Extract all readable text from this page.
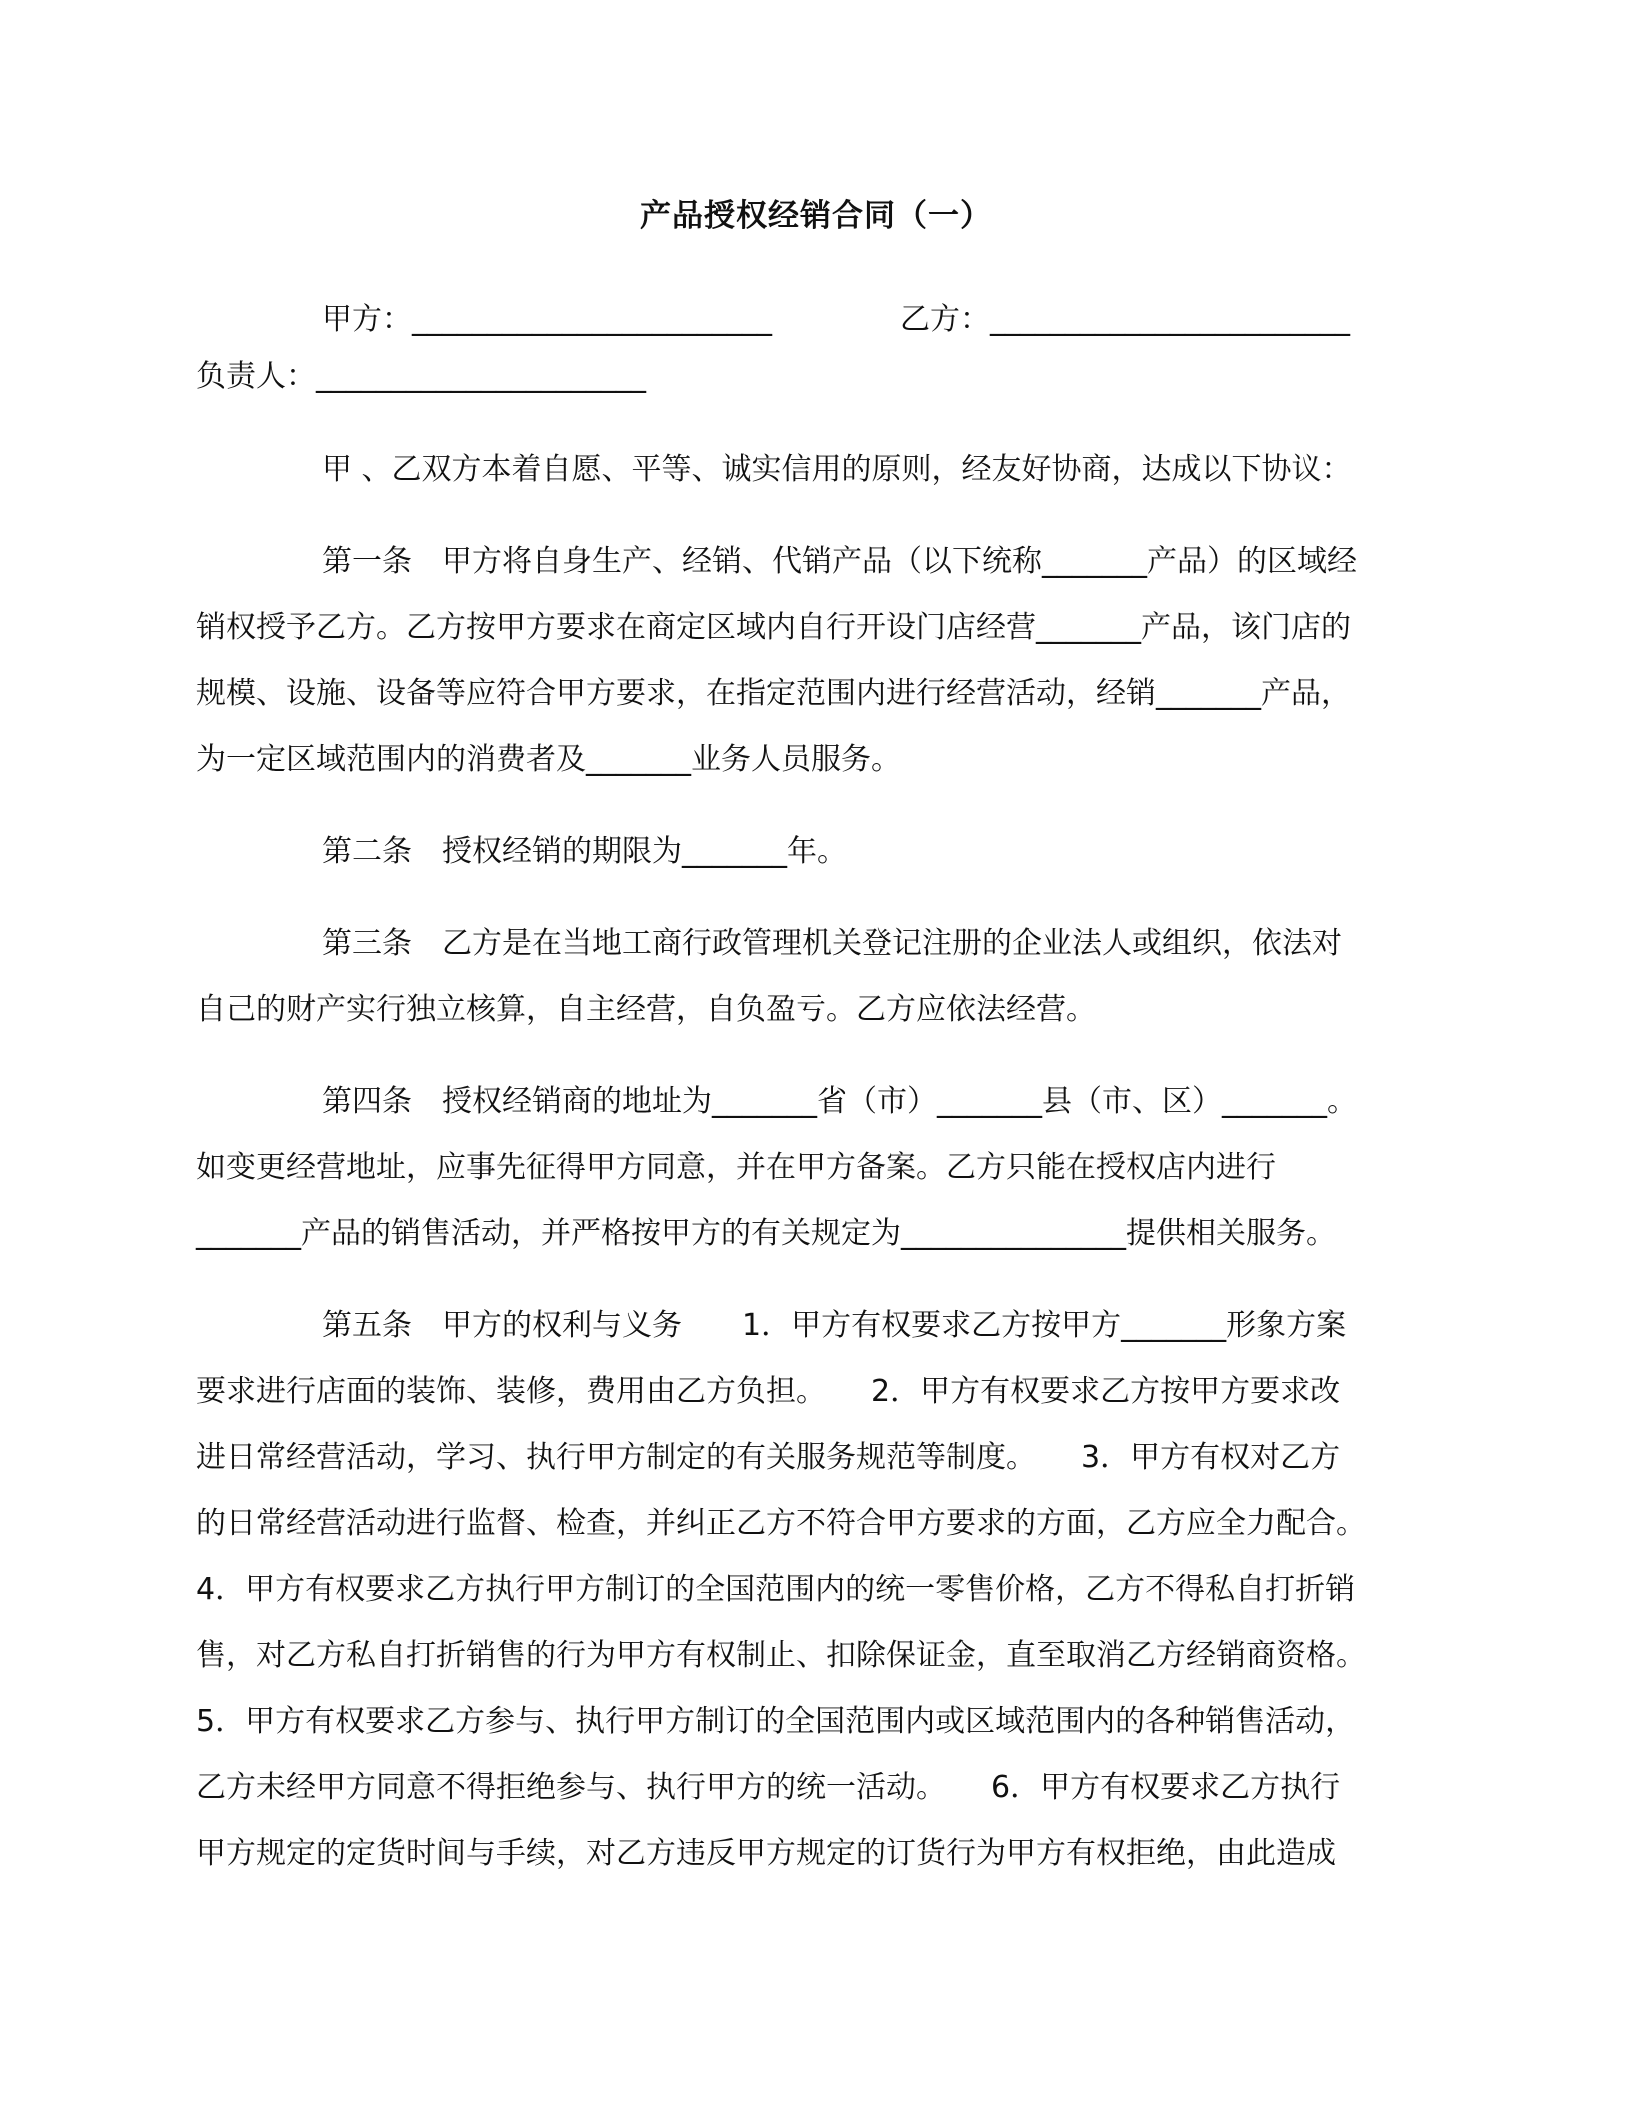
产品授权经销合同（一）
甲方：________________________	乙方：________________________
负责人：______________________
甲 、乙双方本着自愿、平等、诚实信用的原则，经友好协商，达成以下协议：
第一条　甲方将自身生产、经销、代销产品（以下统称_______产品）的区域经
销权授予乙方。乙方按甲方要求在商定区域内自行开设门店经营_______产品，该门店的
规模、设施、设备等应符合甲方要求，在指定范围内进行经营活动，经销_______产品，
为一定区域范围内的消费者及_______业务人员服务。
第二条　授权经销的期限为_______年。
第三条　乙方是在当地工商行政管理机关登记注册的企业法人或组织，依法对
自己的财产实行独立核算，自主经营，自负盈亏。乙方应依法经营。
第四条　授权经销商的地址为_______省（市）_______县（市、区）_______。
如变更经营地址，应事先征得甲方同意，并在甲方备案。乙方只能在授权店内进行
_______产品的销售活动，并严格按甲方的有关规定为_______________提供相关服务。
第五条　甲方的权利与义务　　1．甲方有权要求乙方按甲方_______形象方案
要求进行店面的装饰、装修，费用由乙方负担。　　2．甲方有权要求乙方按甲方要求改
进日常经营活动，学习、执行甲方制定的有关服务规范等制度。　　3．甲方有权对乙方
的日常经营活动进行监督、检查，并纠正乙方不符合甲方要求的方面，乙方应全力配合。
4．甲方有权要求乙方执行甲方制订的全国范围内的统一零售价格，乙方不得私自打折销
售，对乙方私自打折销售的行为甲方有权制止、扣除保证金，直至取消乙方经销商资格。
5．甲方有权要求乙方参与、执行甲方制订的全国范围内或区域范围内的各种销售活动，
乙方未经甲方同意不得拒绝参与、执行甲方的统一活动。　　6．甲方有权要求乙方执行
甲方规定的定货时间与手续，对乙方违反甲方规定的订货行为甲方有权拒绝，由此造成
